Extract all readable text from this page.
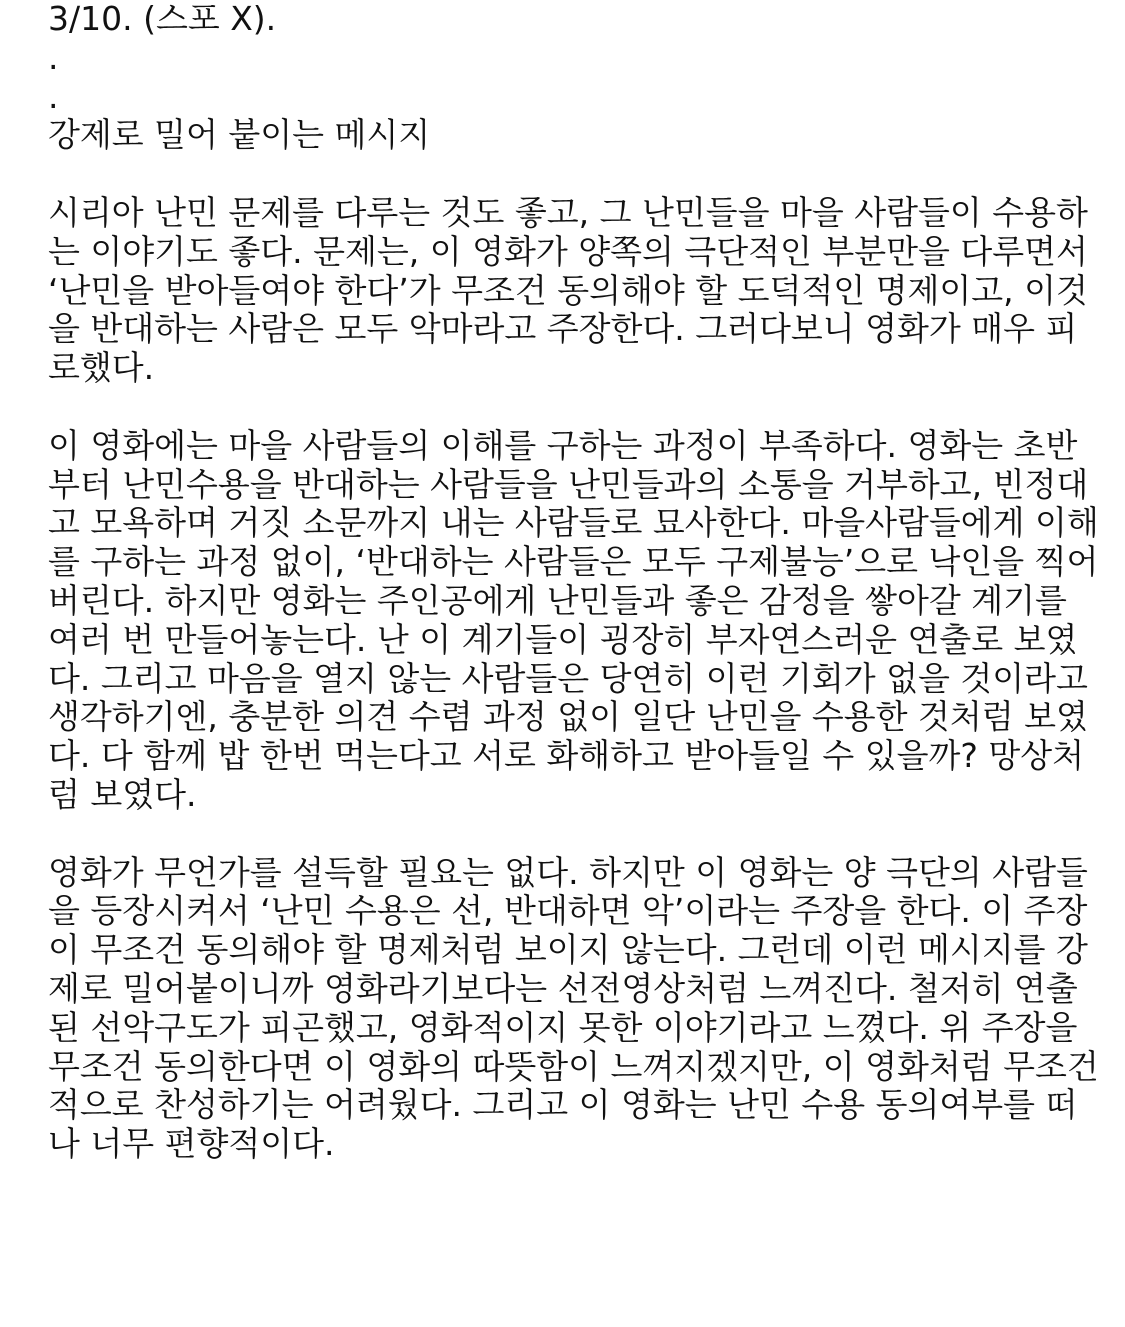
3/10. (스포 X).
.
.
강제로 밀어 붙이는 메시지
시리아 난민 문제를 다루는 것도 좋고, 그 난민들을 마을 사람들이 수용하
는 이야기도 좋다. 문제는, 이 영화가 양쪽의 극단적인 부분만을 다루면서
‘난민을 받아들여야 한다’가 무조건 동의해야 할 도덕적인 명제이고, 이것
을 반대하는 사람은 모두 악마라고 주장한다. 그러다보니 영화가 매우 피
로했다.
이 영화에는 마을 사람들의 이해를 구하는 과정이 부족하다. 영화는 초반
부터 난민수용을 반대하는 사람들을 난민들과의 소통을 거부하고, 빈정대
고 모욕하며 거짓 소문까지 내는 사람들로 묘사한다. 마을사람들에게 이해
를 구하는 과정 없이, ‘반대하는 사람들은 모두 구제불능’으로 낙인을 찍어
버린다. 하지만 영화는 주인공에게 난민들과 좋은 감정을 쌓아갈 계기를
여러 번 만들어놓는다. 난 이 계기들이 굉장히 부자연스러운 연출로 보였
다. 그리고 마음을 열지 않는 사람들은 당연히 이런 기회가 없을 것이라고
생각하기엔, 충분한 의견 수렴 과정 없이 일단 난민을 수용한 것처럼 보였
다. 다 함께 밥 한번 먹는다고 서로 화해하고 받아들일 수 있을까? 망상처
럼 보였다.
영화가 무언가를 설득할 필요는 없다. 하지만 이 영화는 양 극단의 사람들
을 등장시켜서 ‘난민 수용은 선, 반대하면 악’이라는 주장을 한다. 이 주장
이 무조건 동의해야 할 명제처럼 보이지 않는다. 그런데 이런 메시지를 강
제로 밀어붙이니까 영화라기보다는 선전영상처럼 느껴진다. 철저히 연출
된 선악구도가 피곤했고, 영화적이지 못한 이야기라고 느꼈다. 위 주장을
무조건 동의한다면 이 영화의 따뜻함이 느껴지겠지만, 이 영화처럼 무조건
적으로 찬성하기는 어려웠다. 그리고 이 영화는 난민 수용 동의여부를 떠
나 너무 편향적이다.
